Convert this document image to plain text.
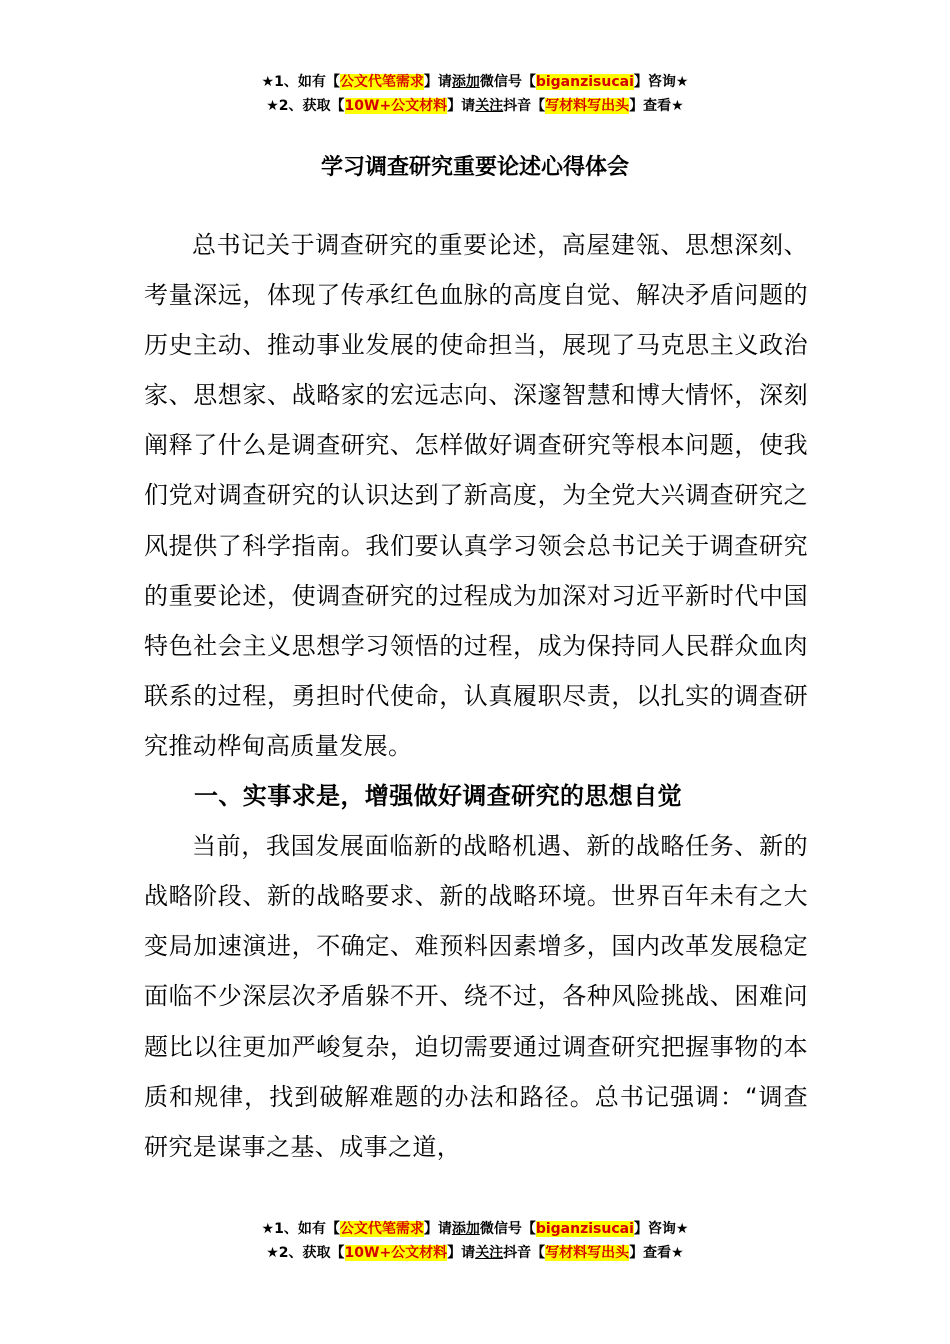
★1、如有【公文代笔需求】请添加微信号【biganzisucai】咨询★
★2、获取【10W+公文材料】请关注抖音【写材料写出头】查看★
学习调查研究重要论述心得体会

总书记关于调查研究的重要论述，高屋建瓴、思想深刻、考量深远，体现了传承红色血脉的高度自觉、解决矛盾问题的历史主动、推动事业发展的使命担当，展现了马克思主义政治家、思想家、战略家的宏远志向、深邃智慧和博大情怀，深刻阐释了什么是调查研究、怎样做好调查研究等根本问题，使我们党对调查研究的认识达到了新高度，为全党大兴调查研究之风提供了科学指南。我们要认真学习领会总书记关于调查研究的重要论述，使调查研究的过程成为加深对习近平新时代中国特色社会主义思想学习领悟的过程，成为保持同人民群众血肉联系的过程，勇担时代使命，认真履职尽责，以扎实的调查研究推动桦甸高质量发展。

一、实事求是，增强做好调查研究的思想自觉

当前，我国发展面临新的战略机遇、新的战略任务、新的战略阶段、新的战略要求、新的战略环境。世界百年未有之大变局加速演进，不确定、难预料因素增多，国内改革发展稳定面临不少深层次矛盾躲不开、绕不过，各种风险挑战、困难问题比以往更加严峻复杂，迫切需要通过调查研究把握事物的本质和规律，找到破解难题的办法和路径。总书记强调：“调查研究是谋事之基、成事之道，

★1、如有【公文代笔需求】请添加微信号【biganzisucai】咨询★
★2、获取【10W+公文材料】请关注抖音【写材料写出头】查看★
